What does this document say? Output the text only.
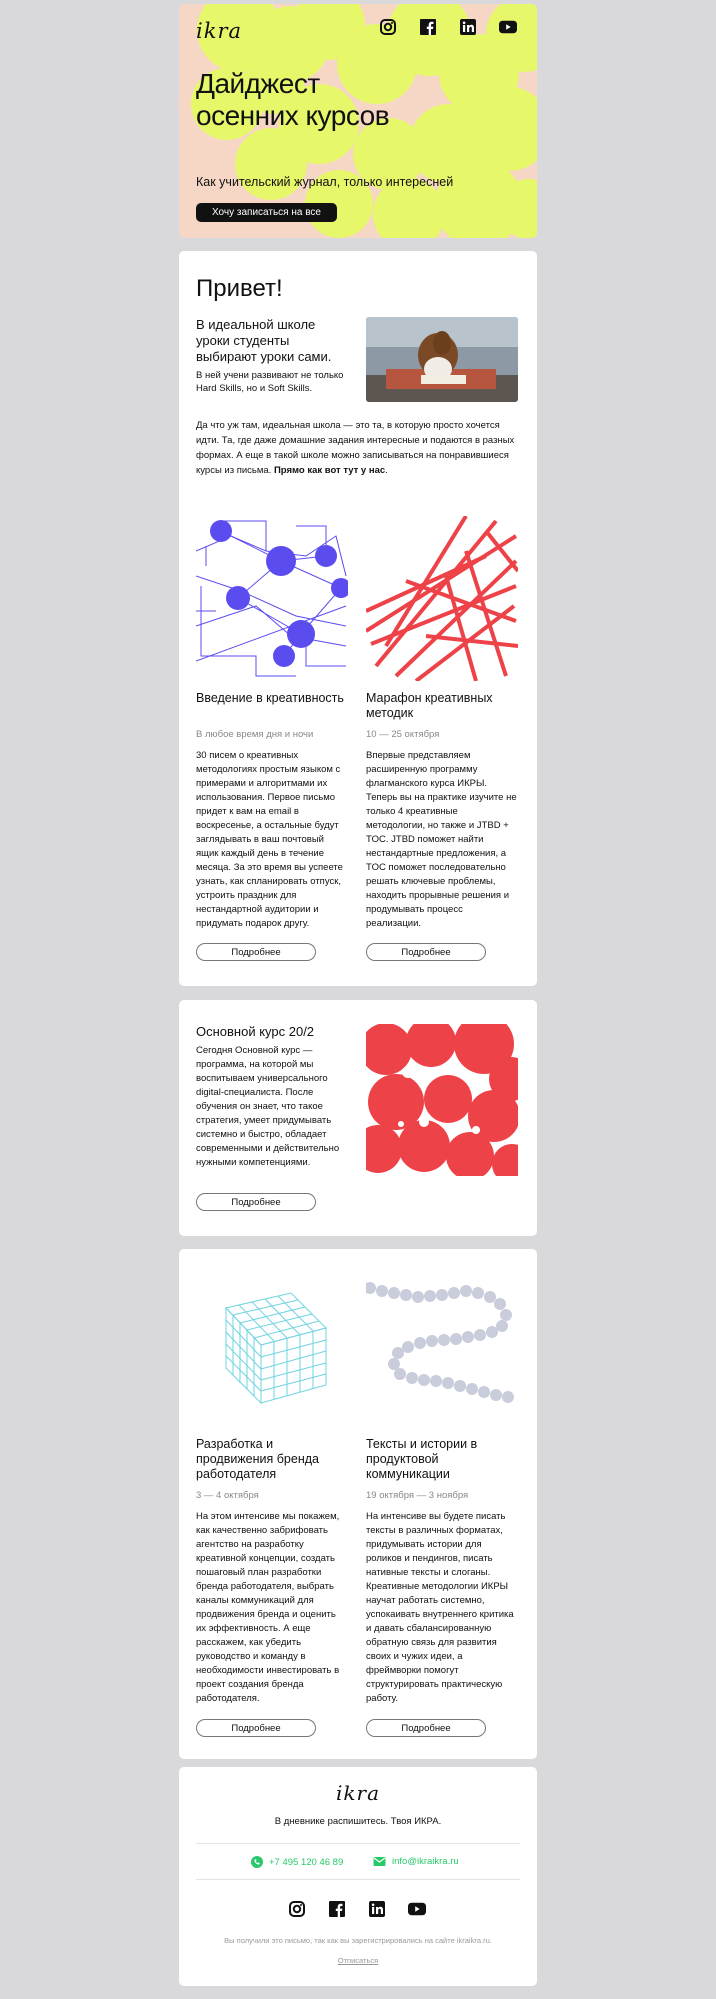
ikra
Дайджест осенних курсов
Как учительский журнал, только интересней
Хочу записаться на все
Привет!
В идеальной школе уроки студенты выбирают уроки сами.
В ней учени развивают не только Hard Skills, но и Soft Skills.
Да что уж там, идеальная школа — это та, в которую просто хочется идти. Та, где даже домашние задания интересные и подаются в разных формах. А еще в такой школе можно записываться на понравившиеся курсы из письма. Прямо как вот тут у нас.
Введение в креативность
В любое время дня и ночи
30 писем о креативных методологиях простым языком с примерами и алгоритмами их использования. Первое письмо придет к вам на email в воскресенье, а остальные будут заглядывать в ваш почтовый ящик каждый день в течение месяца. За это время вы успеете узнать, как спланировать отпуск, устроить праздник для нестандартной аудитории и придумать подарок другу.
Подробнее
Марафон креативных методик
10 — 25 октября
Впервые представляем расширенную программу флагманского курса ИКРЫ. Теперь вы на практике изучите не только 4 креативные методологии, но также и JTBD + TOC. JTBD поможет найти нестандартные предложения, а TOC поможет последовательно решать ключевые проблемы, находить прорывные решения и продумывать процесс реализации.
Подробнее
Основной курс 20/2
Сегодня Основной курс — программа, на которой мы воспитываем универсального digital-специалиста. После обучения он знает, что такое стратегия, умеет придумывать системно и быстро, обладает современными и действительно нужными компетенциями.
Подробнее
Разработка и продвижения бренда работодателя
3 — 4 октября
На этом интенсиве мы покажем, как качественно забрифовать агентство на разработку креативной концепции, создать пошаговый план разработки бренда работодателя, выбрать каналы коммуникаций для продвижения бренда и оценить их эффективность. А еще расскажем, как убедить руководство и команду в необходимости инвестировать в проект создания бренда работодателя.
Подробнее
Тексты и истории в продуктовой коммуникации
19 октября — 3 ноября
На интенсиве вы будете писать тексты в различных форматах, придумывать истории для роликов и пендингов, писать нативные тексты и слоганы. Креативные методологии ИКРЫ научат работать системно, успокаивать внутреннего критика и давать сбалансированную обратную связь для развития своих и чужих идеи, а фреймворки помогут структурировать практическую работу.
Подробнее
ikra
В дневнике распишитесь. Твоя ИКРА.
+7 495 120 46 89	info@ikraikra.ru
Вы получили это письмо, так как вы зарегистрировались на сайте ikraikra.ru.
Отписаться
